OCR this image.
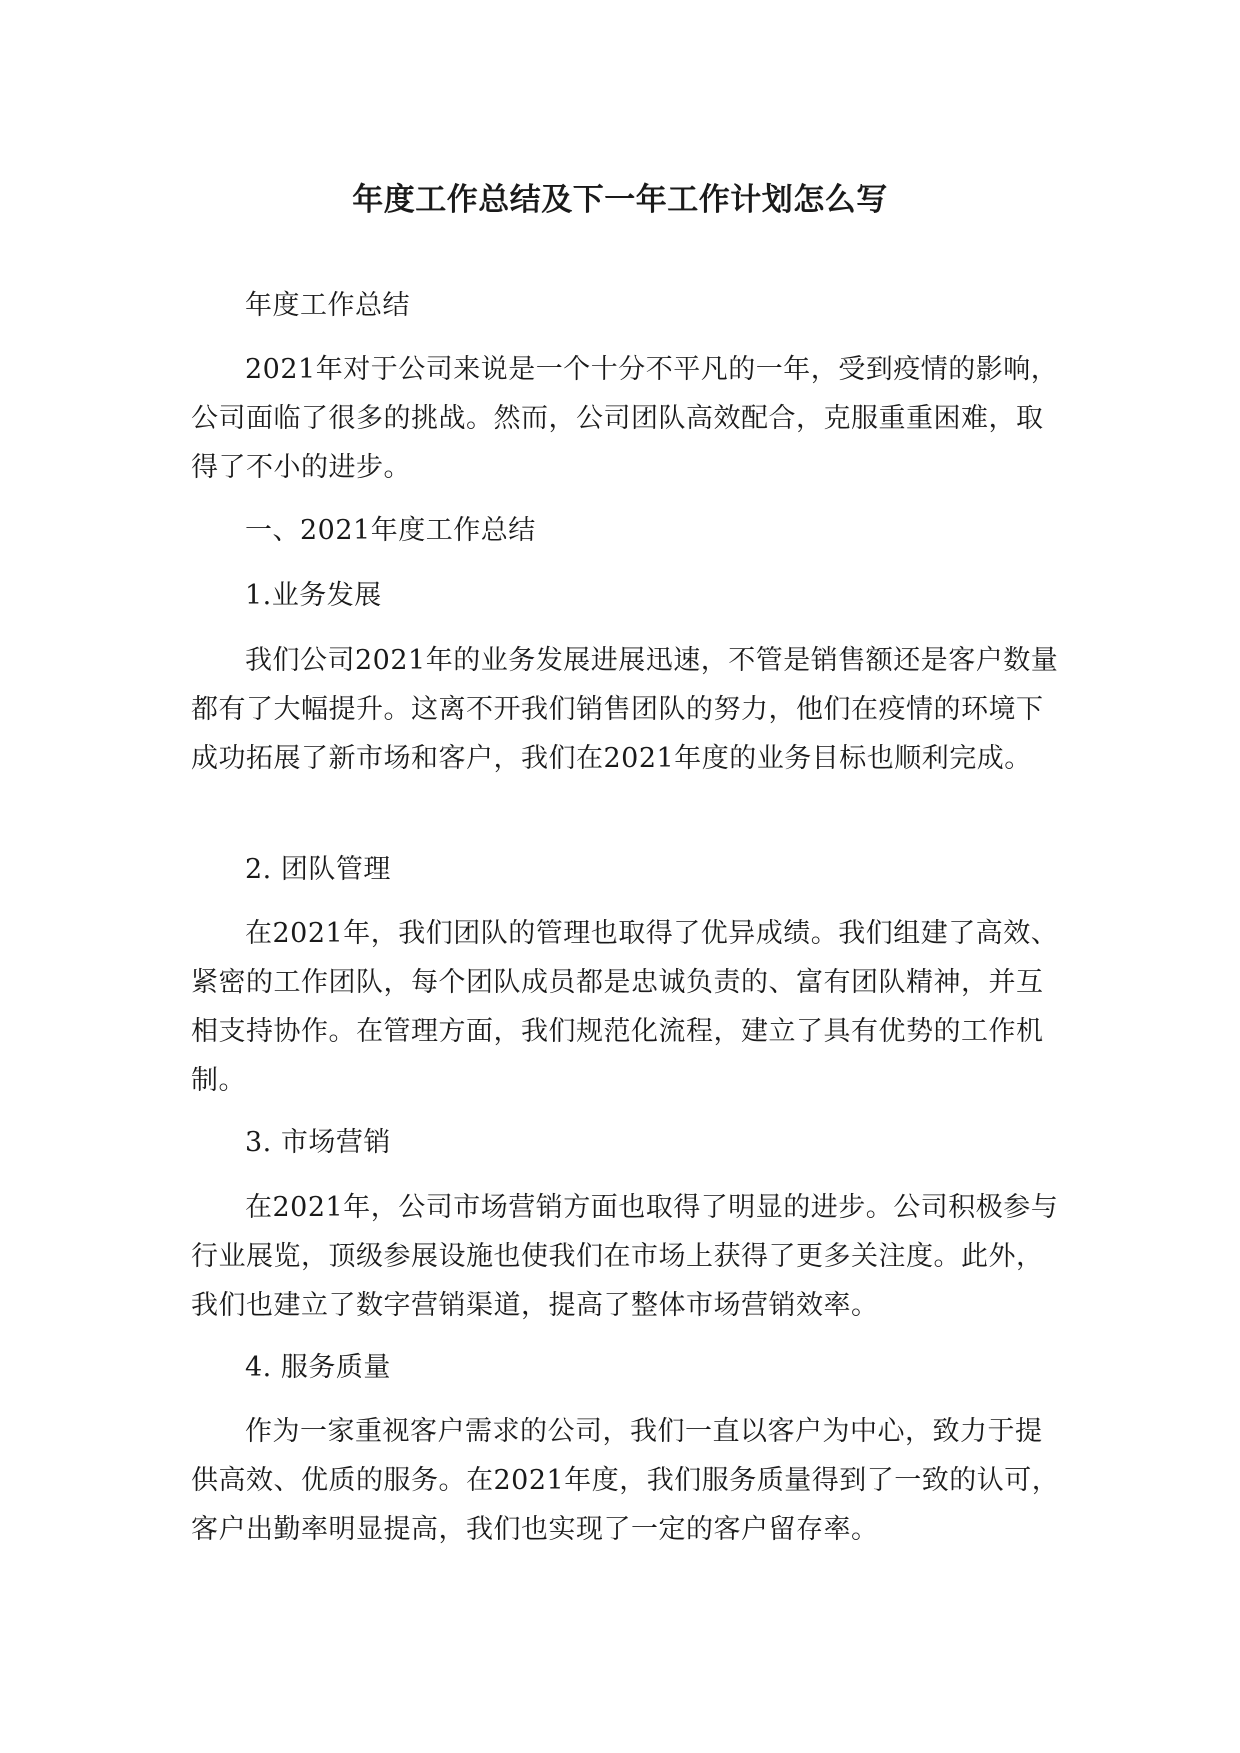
年度工作总结及下一年工作计划怎么写

年度工作总结

2021年对于公司来说是一个十分不平凡的一年，受到疫情的影响，公司面临了很多的挑战。然而，公司团队高效配合，克服重重困难，取得了不小的进步。

一、2021年度工作总结

1.业务发展

我们公司2021年的业务发展进展迅速，不管是销售额还是客户数量都有了大幅提升。这离不开我们销售团队的努力，他们在疫情的环境下成功拓展了新市场和客户，我们在2021年度的业务目标也顺利完成。

2. 团队管理

在2021年，我们团队的管理也取得了优异成绩。我们组建了高效、紧密的工作团队，每个团队成员都是忠诚负责的、富有团队精神，并互相支持协作。在管理方面，我们规范化流程，建立了具有优势的工作机制。

3. 市场营销

在2021年，公司市场营销方面也取得了明显的进步。公司积极参与行业展览，顶级参展设施也使我们在市场上获得了更多关注度。此外，我们也建立了数字营销渠道，提高了整体市场营销效率。

4. 服务质量

作为一家重视客户需求的公司，我们一直以客户为中心，致力于提供高效、优质的服务。在2021年度，我们服务质量得到了一致的认可，客户出勤率明显提高，我们也实现了一定的客户留存率。
